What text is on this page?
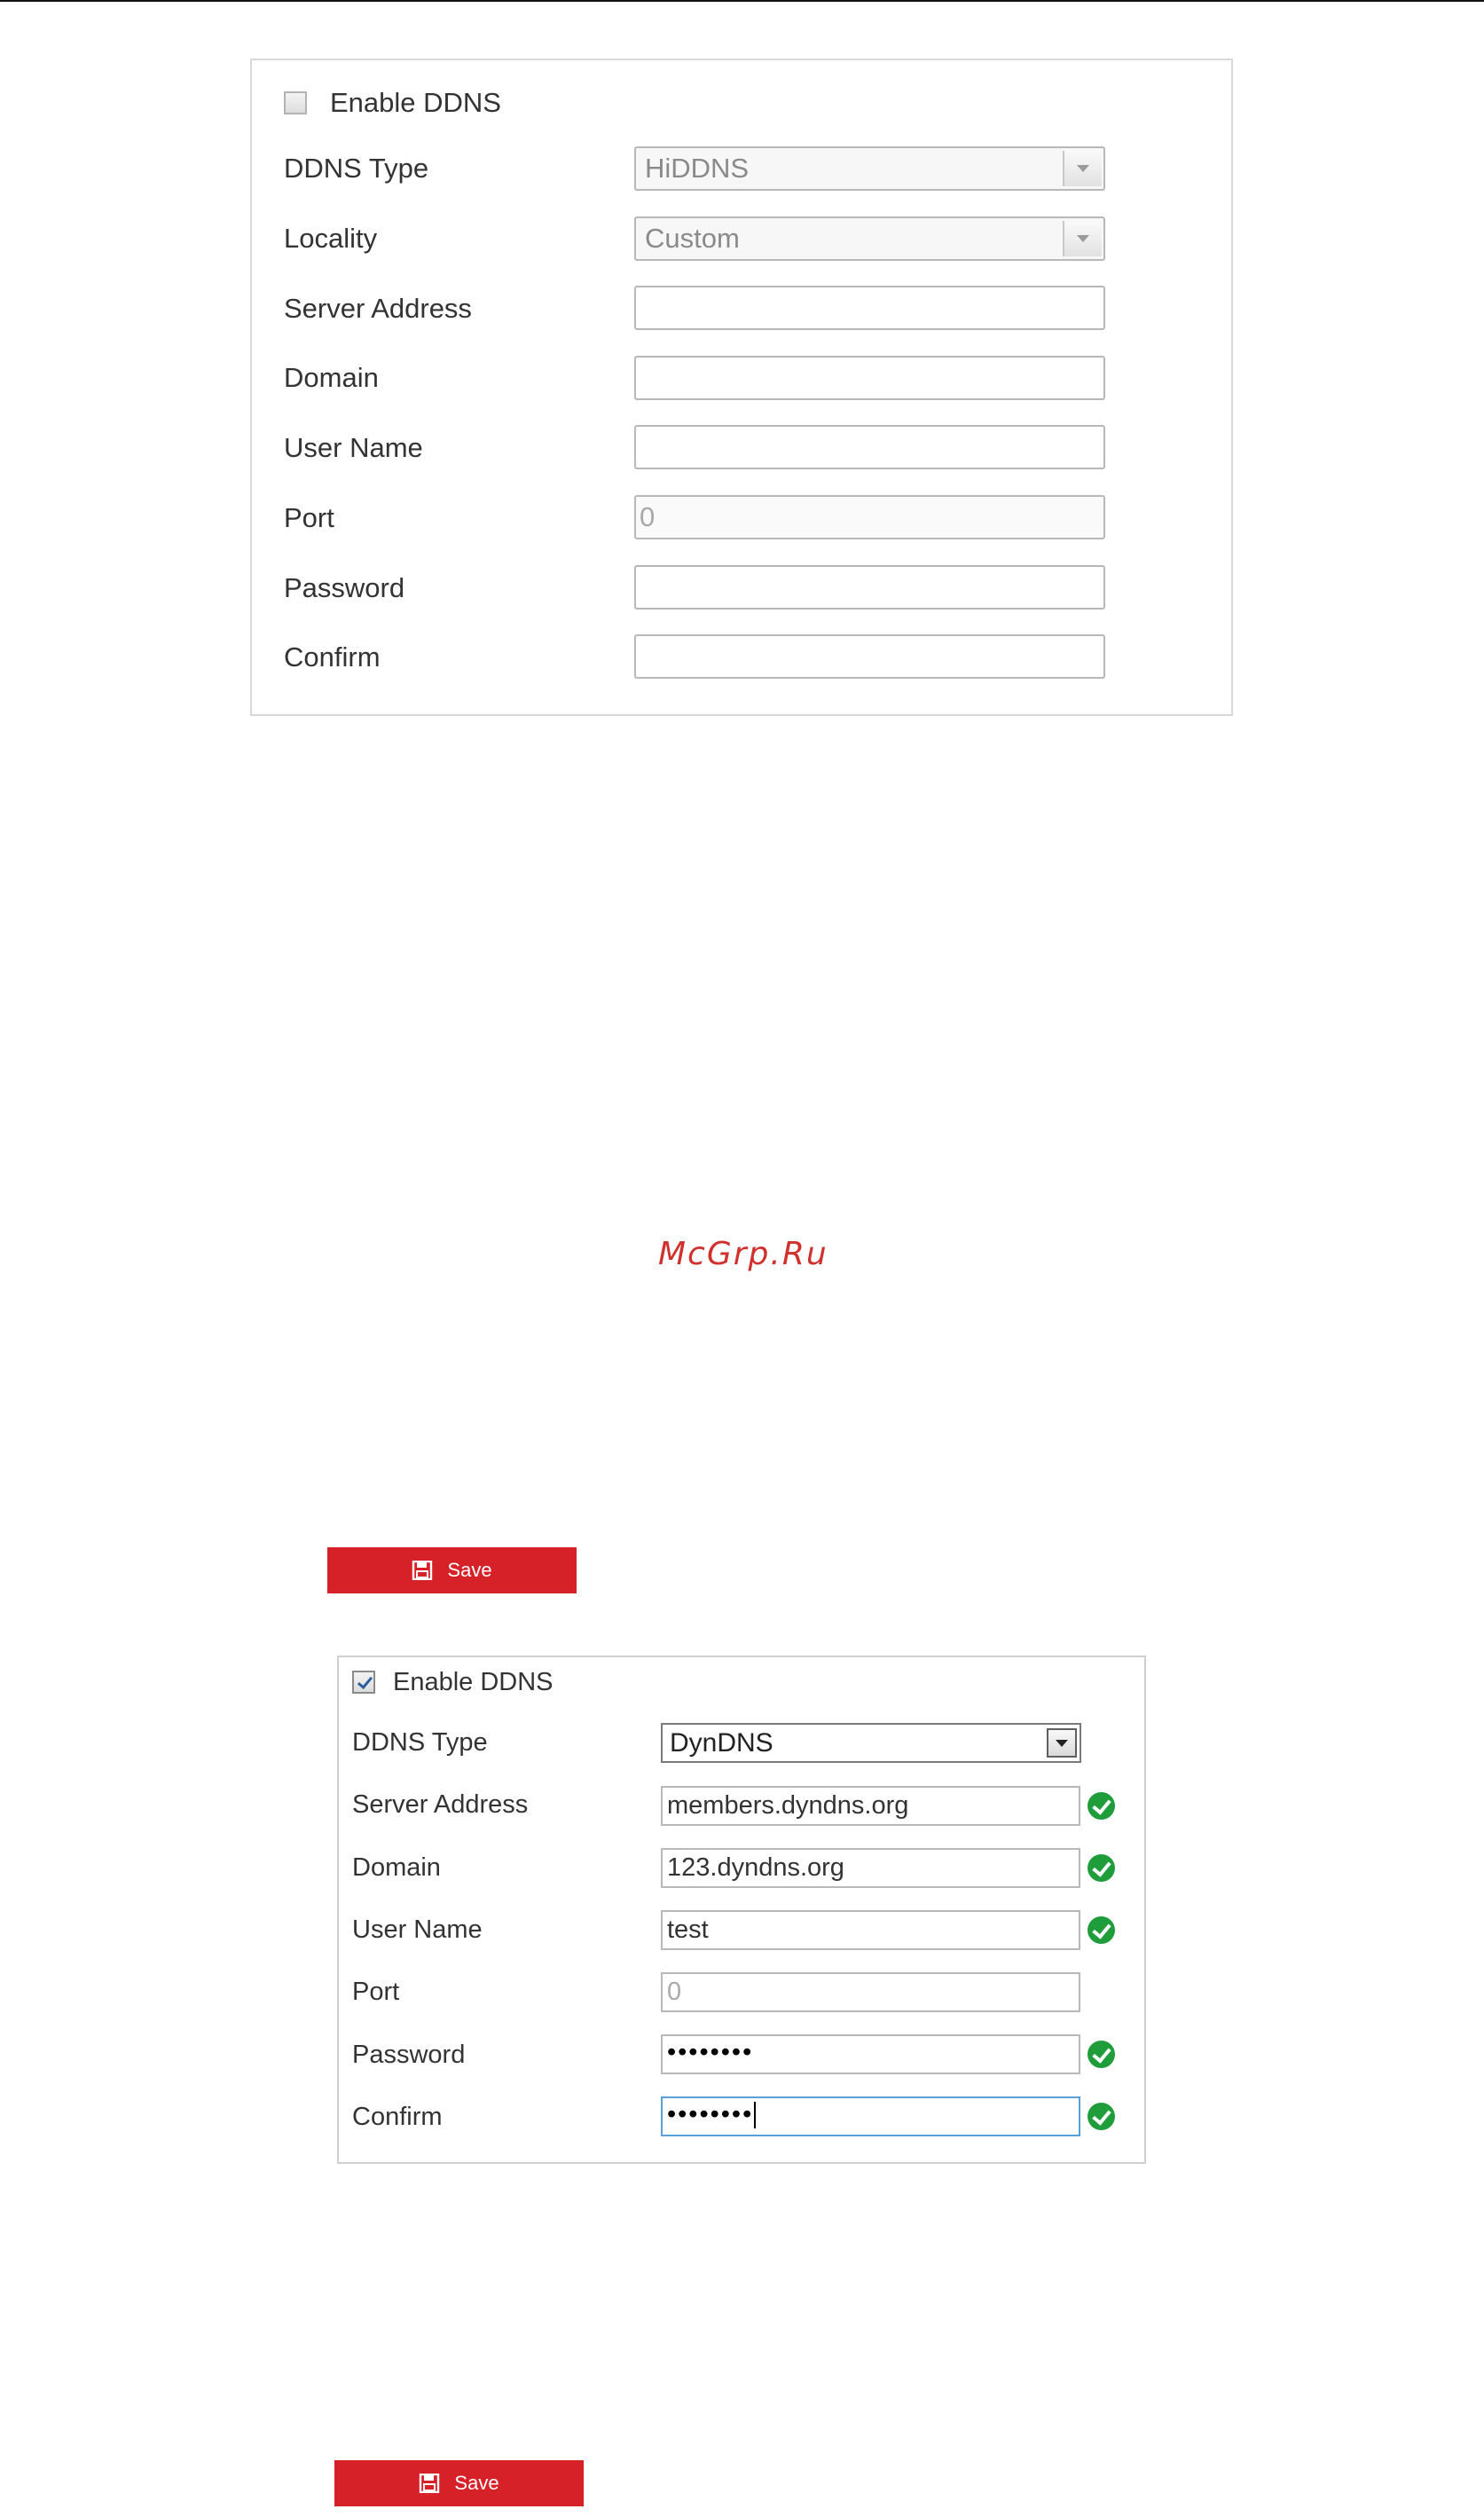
Enable DDNS
DDNS Type	HiDDNS
Locality	Custom
Server Address
Domain
User Name
Port	0
Password
Confirm
McGrp.Ru
Save
Enable DDNS
DDNS Type	DynDNS
Server Address	members.dyndns.org
Domain	123.dyndns.org
User Name	test
Port	0
Password	••••••••
Confirm	••••••••
Save
